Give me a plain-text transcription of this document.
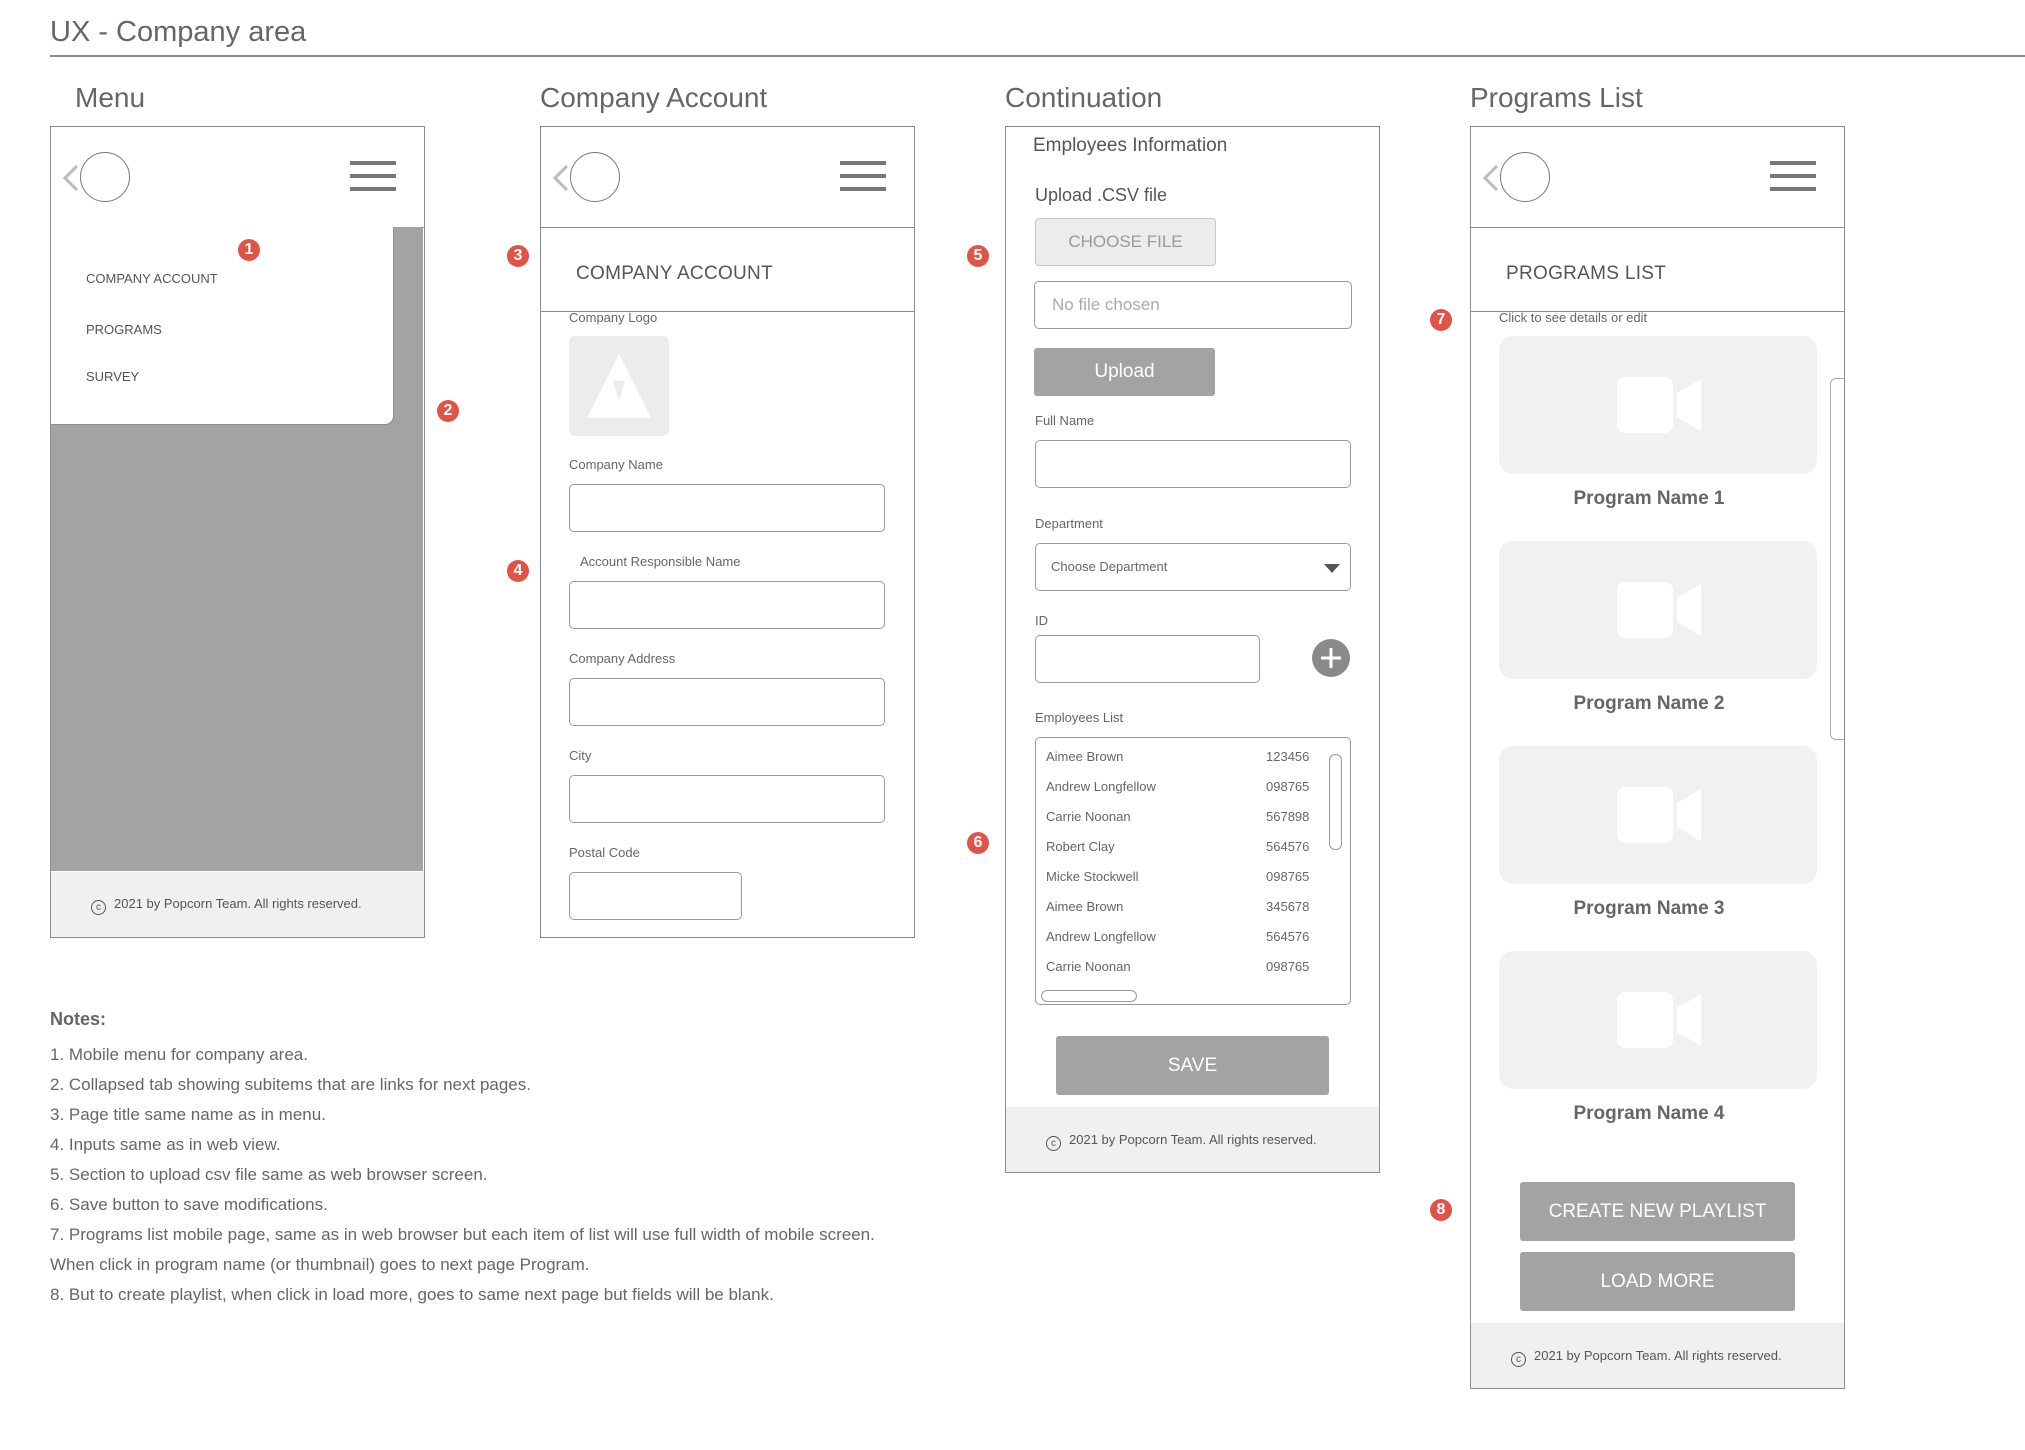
UX - Company area
Menu	Company Account	Continuation	Programs List
COMPANY ACCOUNT
PROGRAMS
SURVEY
c 2021 by Popcorn Team. All rights reserved.
COMPANY ACCOUNT
Company Logo
Company Name
Account Responsible Name
Company Address
City
Postal Code
Employees Information
Upload .CSV file
CHOOSE FILE
No file chosen
Upload
Full Name
Department
Choose Department
ID
Employees List
Aimee Brown	123456
Andrew Longfellow	098765
Carrie Noonan	567898
Robert Clay	564576
Micke Stockwell	098765
Aimee Brown	345678
Andrew Longfellow	564576
Carrie Noonan	098765
SAVE
c 2021 by Popcorn Team. All rights reserved.
PROGRAMS LIST
Click to see details or edit
Program Name 1
Program Name 2
Program Name 3
Program Name 4
CREATE NEW PLAYLIST
LOAD MORE
c 2021 by Popcorn Team. All rights reserved.
1
2
3
4
5
6
7
8
Notes:
1. Mobile menu for company area.
2. Collapsed tab showing subitems that are links for next pages.
3. Page title same name as in menu.
4. Inputs same as in web view.
5. Section to upload csv file same as web browser screen.
6. Save button to save modifications.
7. Programs list mobile page, same as in web browser but each item of list will use full width of mobile screen.
When click in program name (or thumbnail) goes to next page Program.
8. But to create playlist, when click in load more, goes to same next page but fields will be blank.
